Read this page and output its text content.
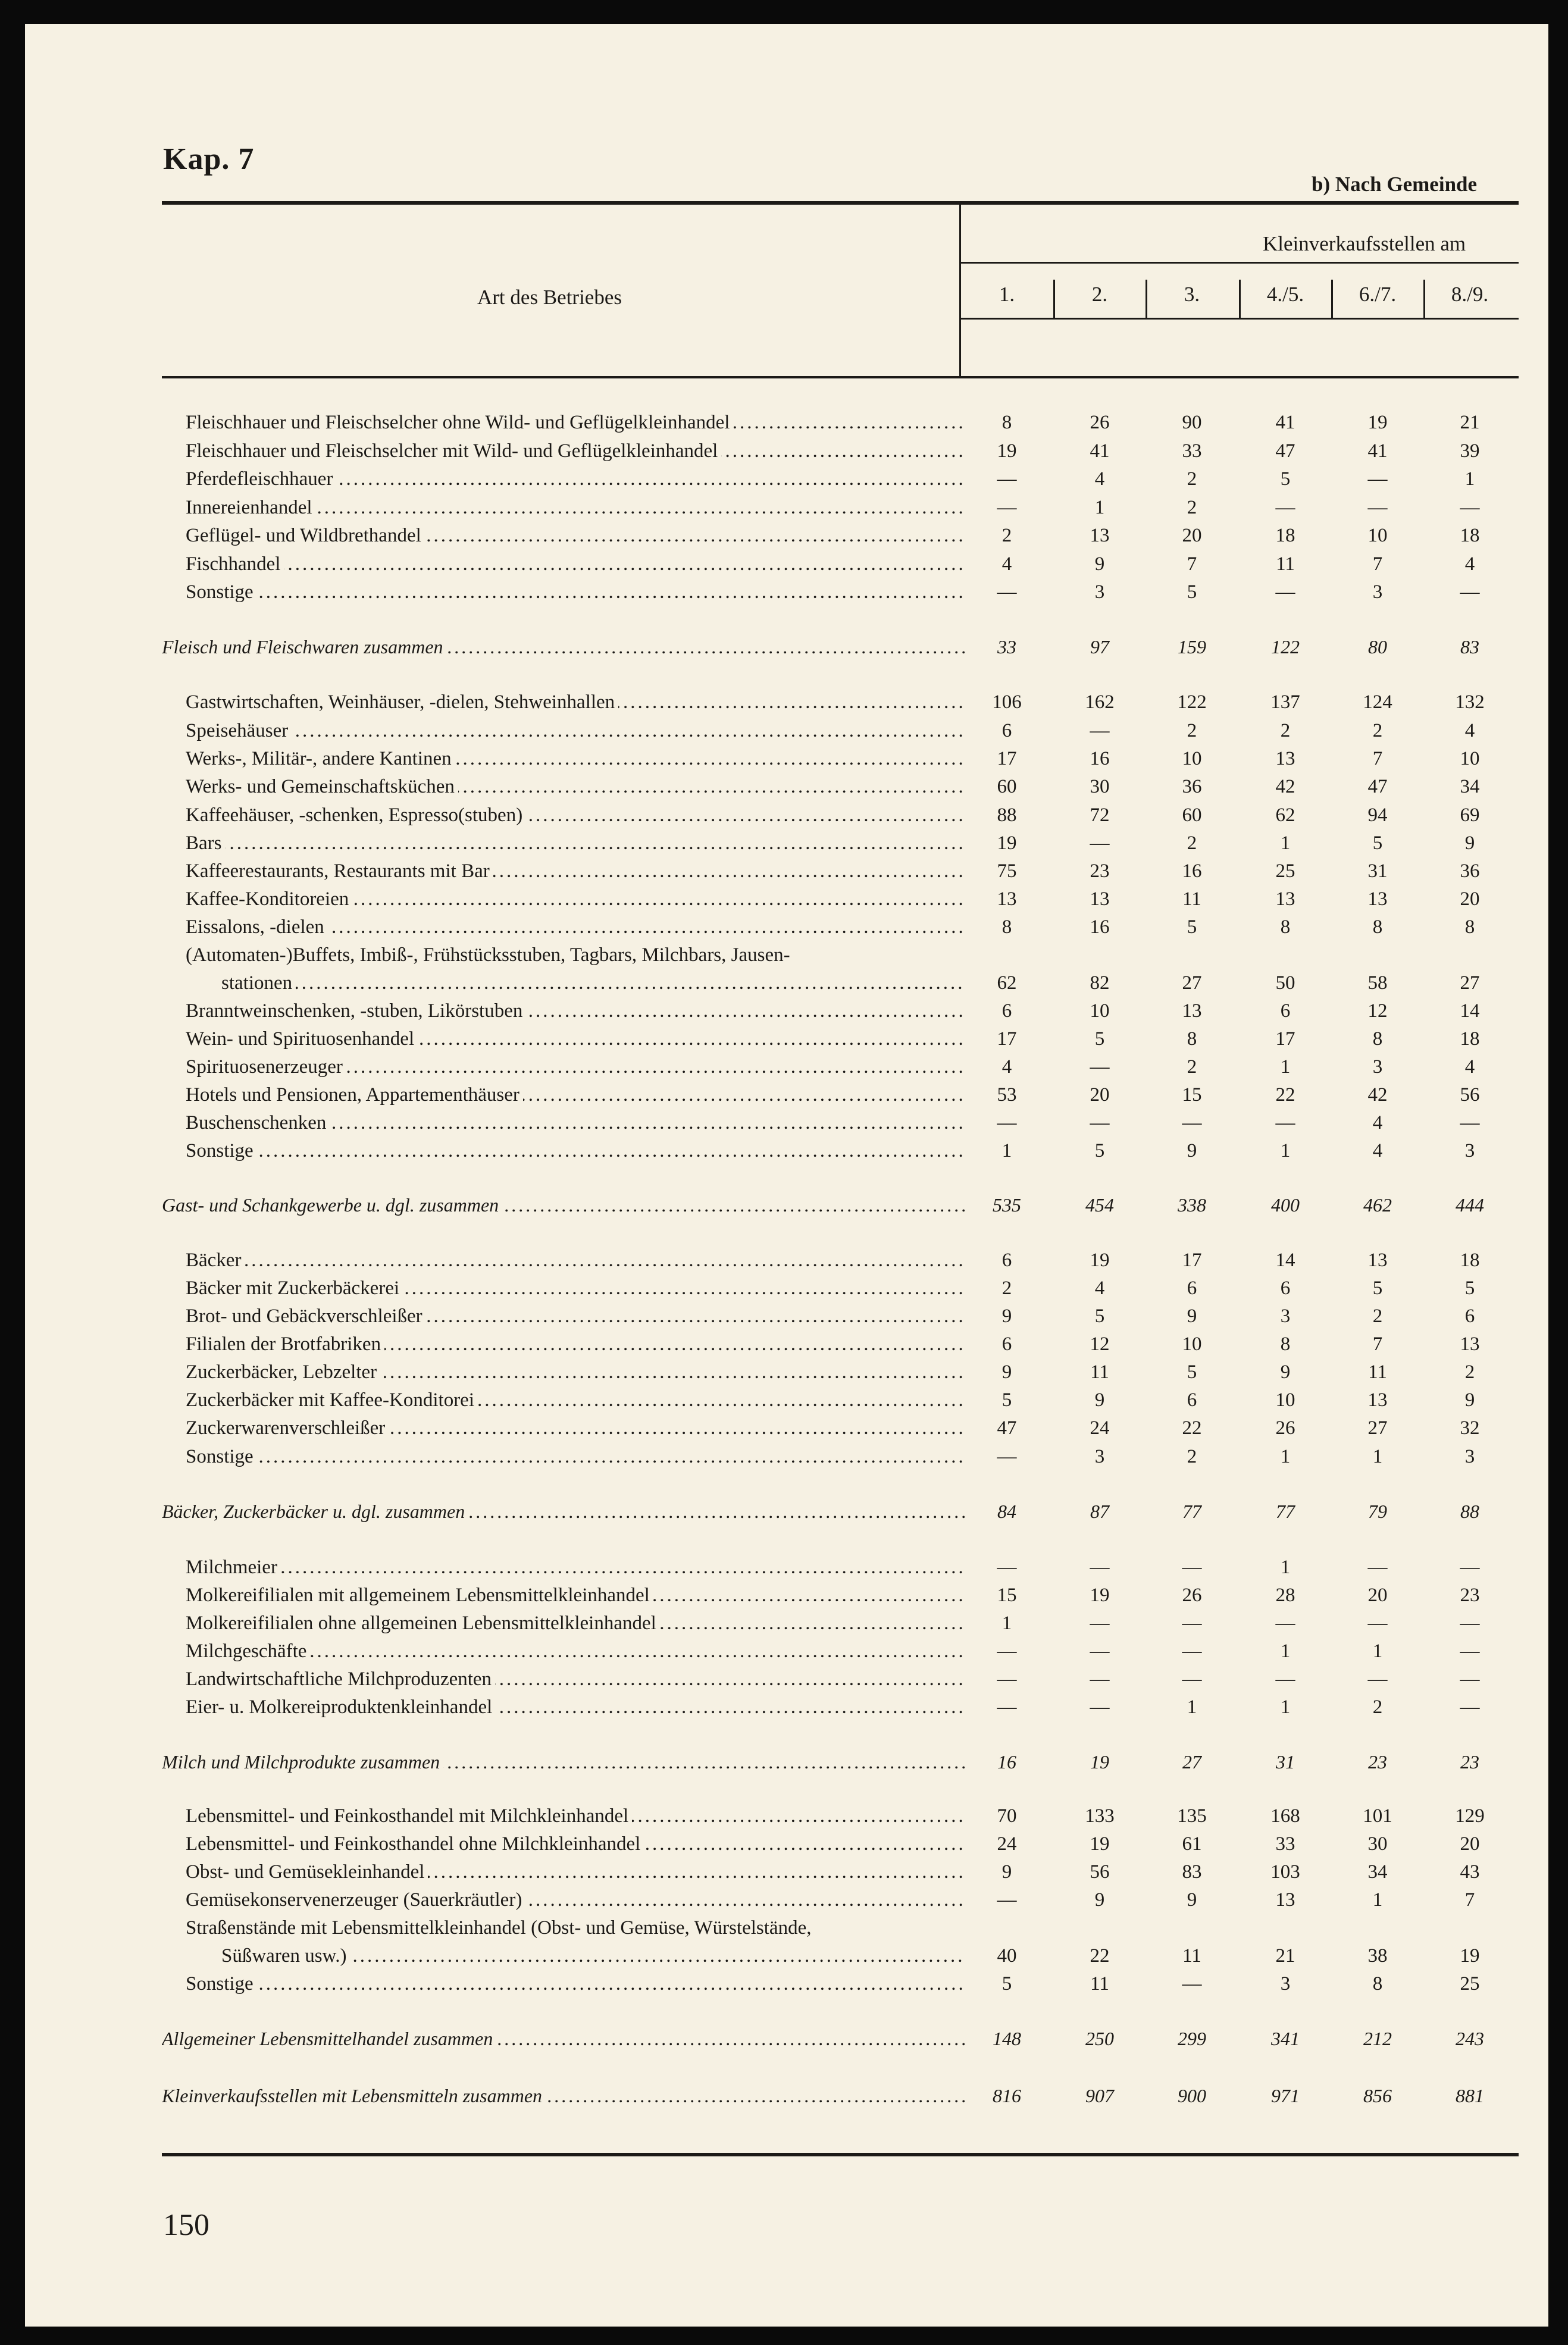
Kap. 7
b) Nach Gemeinde
Art des Betriebes
Kleinverkaufsstellen am
1.	2.	3.	4./5.	6./7.	8./9.
Fleischhauer und Fleischselcher ohne Wild- und Geflügelkleinhandel .....	8	26	90	41	19	21
Fleischhauer und Fleischselcher mit Wild- und Geflügelkleinhandel .....	19	41	33	47	41	39
Pferdefleischhauer .....	—	4	2	5	—	1
Innereienhandel .....	—	1	2	—	—	—
Geflügel- und Wildbrethandel .....	2	13	20	18	10	18
Fischhandel .....	4	9	7	11	7	4
Sonstige .....	—	3	5	—	3	—
Fleisch und Fleischwaren zusammen .....	33	97	159	122	80	83
Gastwirtschaften, Weinhäuser, -dielen, Stehweinhallen .....	106	162	122	137	124	132
Speisehäuser .....	6	—	2	2	2	4
Werks-, Militär-, andere Kantinen .....	17	16	10	13	7	10
Werks- und Gemeinschaftsküchen .....	60	30	36	42	47	34
Kaffeehäuser, -schenken, Espresso(stuben) .....	88	72	60	62	94	69
Bars .....	19	—	2	1	5	9
Kaffeerestaurants, Restaurants mit Bar .....	75	23	16	25	31	36
Kaffee-Konditoreien .....	13	13	11	13	13	20
Eissalons, -dielen .....	8	16	5	8	8	8
(Automaten-)Buffets, Imbiß-, Frühstücksstuben, Tagbars, Milchbars, Jausen-
stationen .....	62	82	27	50	58	27
Branntweinschenken, -stuben, Likörstuben .....	6	10	13	6	12	14
Wein- und Spirituosenhandel .....	17	5	8	17	8	18
Spirituosenerzeuger .....	4	—	2	1	3	4
Hotels und Pensionen, Appartementhäuser .....	53	20	15	22	42	56
Buschenschenken .....	—	—	—	—	4	—
Sonstige .....	1	5	9	1	4	3
Gast- und Schankgewerbe u. dgl. zusammen .....	535	454	338	400	462	444
Bäcker .....	6	19	17	14	13	18
Bäcker mit Zuckerbäckerei .....	2	4	6	6	5	5
Brot- und Gebäckverschleißer .....	9	5	9	3	2	6
Filialen der Brotfabriken .....	6	12	10	8	7	13
Zuckerbäcker, Lebzelter .....	9	11	5	9	11	2
Zuckerbäcker mit Kaffee-Konditorei .....	5	9	6	10	13	9
Zuckerwarenverschleißer .....	47	24	22	26	27	32
Sonstige .....	—	3	2	1	1	3
Bäcker, Zuckerbäcker u. dgl. zusammen .....	84	87	77	77	79	88
Milchmeier .....	—	—	—	1	—	—
Molkereifilialen mit allgemeinem Lebensmittelkleinhandel .....	15	19	26	28	20	23
Molkereifilialen ohne allgemeinen Lebensmittelkleinhandel .....	1	—	—	—	—	—
Milchgeschäfte .....	—	—	—	1	1	—
Landwirtschaftliche Milchproduzenten .....	—	—	—	—	—	—
Eier- u. Molkereiproduktenkleinhandel .....	—	—	1	1	2	—
Milch und Milchprodukte zusammen .....	16	19	27	31	23	23
Lebensmittel- und Feinkosthandel mit Milchkleinhandel .....	70	133	135	168	101	129
Lebensmittel- und Feinkosthandel ohne Milchkleinhandel .....	24	19	61	33	30	20
Obst- und Gemüsekleinhandel .....	9	56	83	103	34	43
Gemüsekonservenerzeuger (Sauerkräutler) .....	—	9	9	13	1	7
Straßenstände mit Lebensmittelkleinhandel (Obst- und Gemüse, Würstelstände,
Süßwaren usw.) .....	40	22	11	21	38	19
Sonstige .....	5	11	—	3	8	25
Allgemeiner Lebensmittelhandel zusammen .....	148	250	299	341	212	243
Kleinverkaufsstellen mit Lebensmitteln zusammen .....	816	907	900	971	856	881
150
